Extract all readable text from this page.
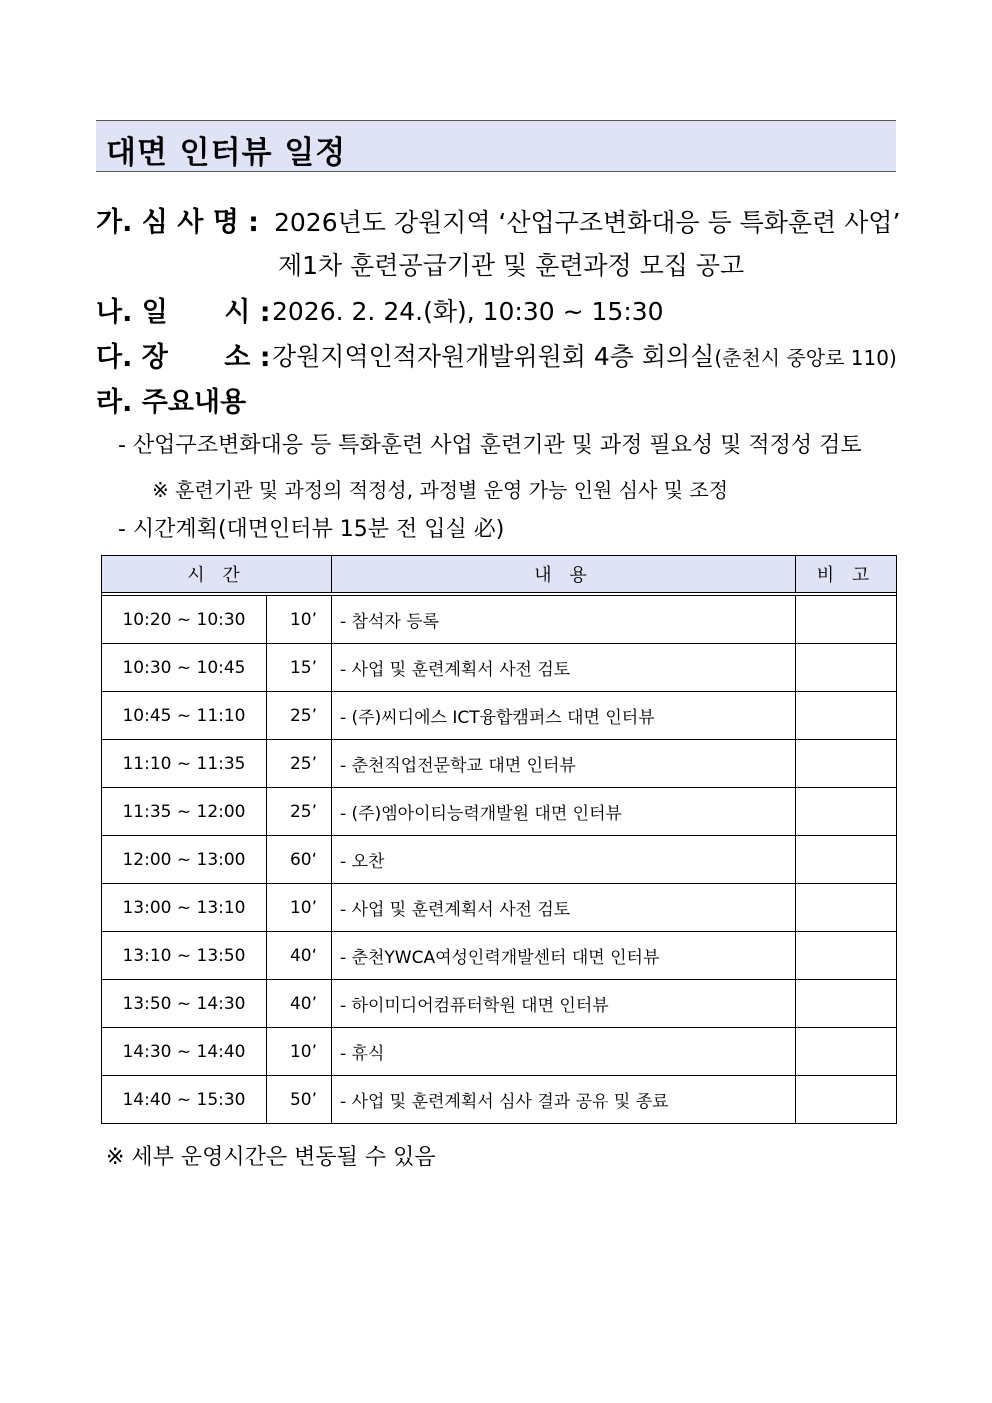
대면 인터뷰 일정
가. 심 사 명 : 2026년도 강원지역 ‘산업구조변화대응 등 특화훈련 사업’
제1차 훈련공급기관 및 훈련과정 모집 공고
나. 일      시 : 2026. 2. 24.(화), 10:30 ~ 15:30
다. 장      소 : 강원지역인적자원개발위원회 4층 회의실(춘천시 중앙로 110)
라. 주요내용
- 산업구조변화대응 등 특화훈련 사업 훈련기관 및 과정 필요성 및 적정성 검토
※ 훈련기관 및 과정의 적정성, 과정별 운영 가능 인원 심사 및 조정
- 시간계획(대면인터뷰 15분 전 입실 必)
시 간		내 용	비 고

10:20 ~ 10:30	10’	- 참석자 등록	
10:30 ~ 10:45	15’	- 사업 및 훈련계획서 사전 검토	
10:45 ~ 11:10	25’	- (주)씨디에스 ICT융합캠퍼스 대면 인터뷰	
11:10 ~ 11:35	25’	- 춘천직업전문학교 대면 인터뷰	
11:35 ~ 12:00	25’	- (주)엠아이티능력개발원 대면 인터뷰	
12:00 ~ 13:00	60‘	- 오찬	
13:00 ~ 13:10	10’	- 사업 및 훈련계획서 사전 검토	
13:10 ~ 13:50	40‘	- 춘천YWCA여성인력개발센터 대면 인터뷰	
13:50 ~ 14:30	40’	- 하이미디어컴퓨터학원 대면 인터뷰	
14:30 ~ 14:40	10’	- 휴식	
14:40 ~ 15:30	50’	- 사업 및 훈련계획서 심사 결과 공유 및 종료	
※ 세부 운영시간은 변동될 수 있음
